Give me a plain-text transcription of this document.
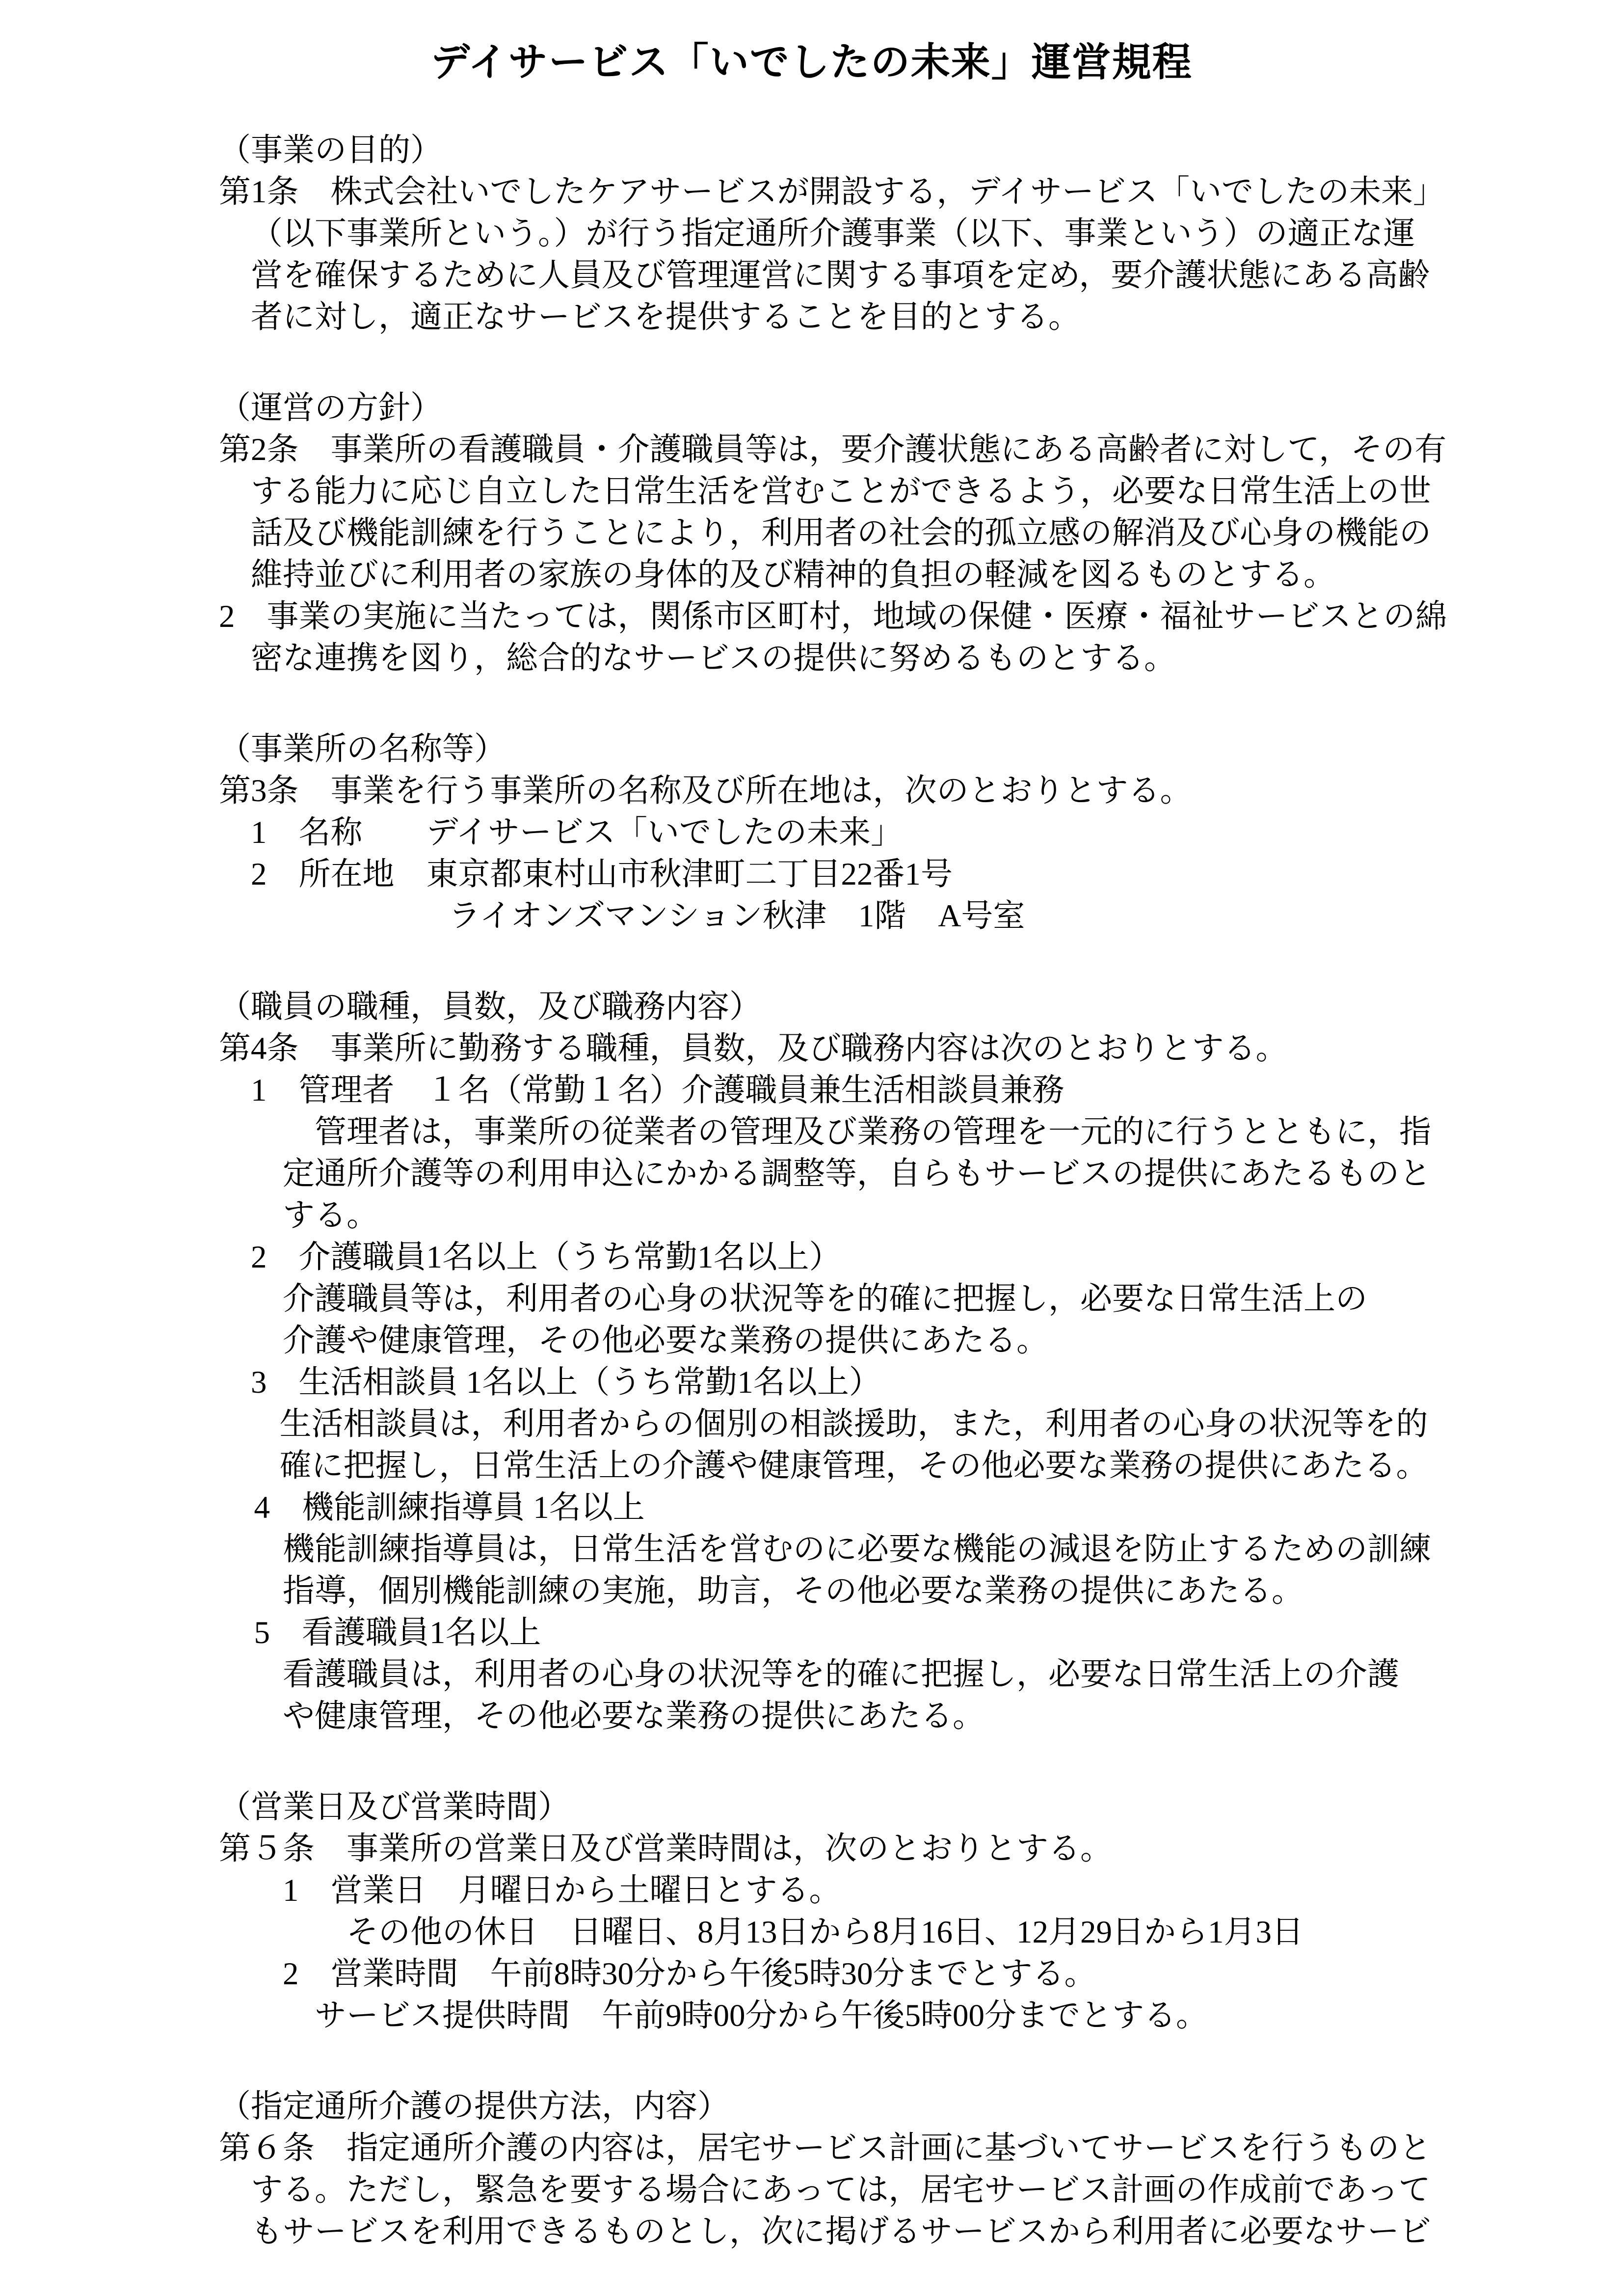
デイサービス「いでしたの未来」運営規程
（事業の目的）
第1条　株式会社いでしたケアサービスが開設する，デイサービス「いでしたの未来」
（以下事業所という。）が行う指定通所介護事業（以下、事業という）の適正な運
営を確保するために人員及び管理運営に関する事項を定め，要介護状態にある高齢
者に対し，適正なサービスを提供することを目的とする。
（運営の方針）
第2条　事業所の看護職員・介護職員等は，要介護状態にある高齢者に対して，その有
する能力に応じ自立した日常生活を営むことができるよう，必要な日常生活上の世
話及び機能訓練を行うことにより，利用者の社会的孤立感の解消及び心身の機能の
維持並びに利用者の家族の身体的及び精神的負担の軽減を図るものとする。
2　事業の実施に当たっては，関係市区町村，地域の保健・医療・福祉サービスとの綿
密な連携を図り，総合的なサービスの提供に努めるものとする。
（事業所の名称等）
第3条　事業を行う事業所の名称及び所在地は，次のとおりとする。
1　名称　　デイサービス「いでしたの未来」
2　所在地　東京都東村山市秋津町二丁目22番1号
ライオンズマンション秋津　1階　A号室
（職員の職種，員数，及び職務内容）
第4条　事業所に勤務する職種，員数，及び職務内容は次のとおりとする。
1　管理者　１名（常勤１名）介護職員兼生活相談員兼務
管理者は，事業所の従業者の管理及び業務の管理を一元的に行うとともに，指
定通所介護等の利用申込にかかる調整等，自らもサービスの提供にあたるものと
する。
2　介護職員1名以上（うち常勤1名以上）
介護職員等は，利用者の心身の状況等を的確に把握し，必要な日常生活上の
介護や健康管理，その他必要な業務の提供にあたる。
3　生活相談員 1名以上（うち常勤1名以上）
生活相談員は，利用者からの個別の相談援助，また，利用者の心身の状況等を的
確に把握し，日常生活上の介護や健康管理，その他必要な業務の提供にあたる。
4　機能訓練指導員 1名以上
機能訓練指導員は，日常生活を営むのに必要な機能の減退を防止するための訓練
指導，個別機能訓練の実施，助言，その他必要な業務の提供にあたる。
5　看護職員1名以上
看護職員は，利用者の心身の状況等を的確に把握し，必要な日常生活上の介護
や健康管理，その他必要な業務の提供にあたる。
（営業日及び営業時間）
第５条　事業所の営業日及び営業時間は，次のとおりとする。
1　営業日　月曜日から土曜日とする。
その他の休日　日曜日、8月13日から8月16日、12月29日から1月3日
2　営業時間　午前8時30分から午後5時30分までとする。
サービス提供時間　午前9時00分から午後5時00分までとする。
（指定通所介護の提供方法，内容）
第６条　指定通所介護の内容は，居宅サービス計画に基づいてサービスを行うものと
する。ただし，緊急を要する場合にあっては，居宅サービス計画の作成前であって
もサービスを利用できるものとし，次に掲げるサービスから利用者に必要なサービ
